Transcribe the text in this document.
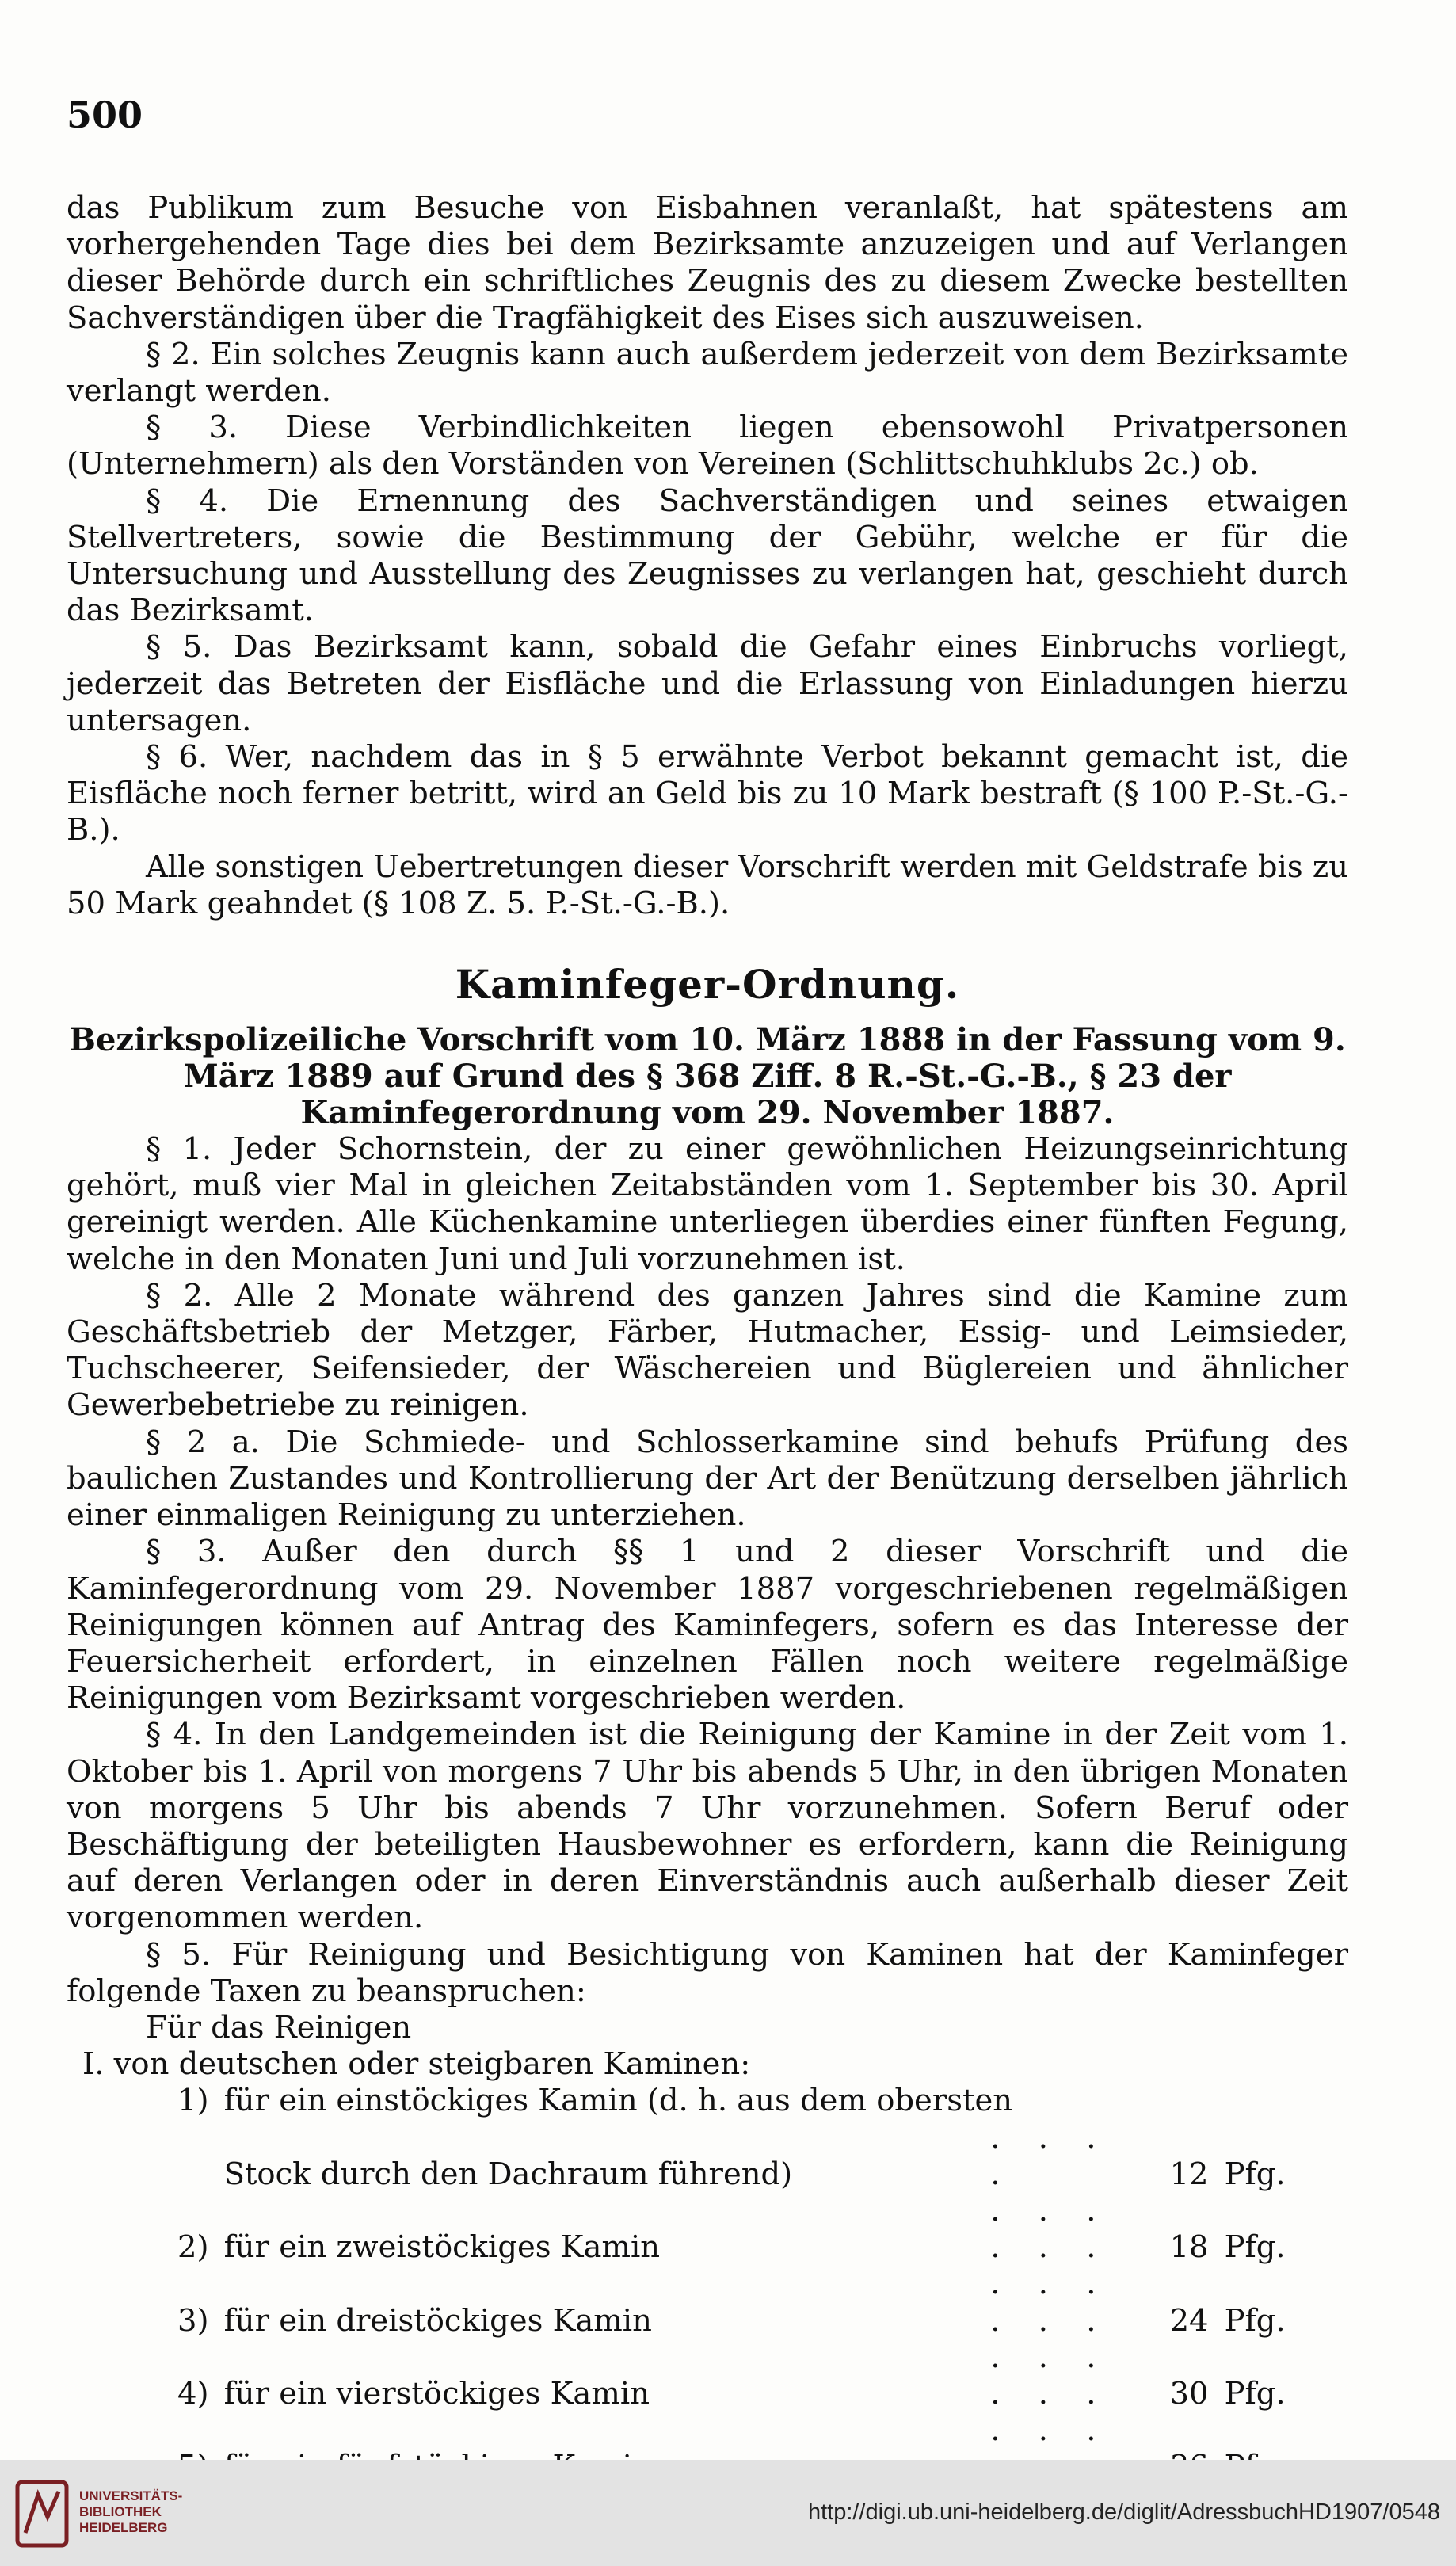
500

das Publikum zum Besuche von Eisbahnen veranlaßt, hat spätestens am vorhergehenden Tage dies bei dem Bezirksamte anzuzeigen und auf Verlangen dieser Behörde durch ein schriftliches Zeugnis des zu diesem Zwecke bestellten Sachverständigen über die Tragfähigkeit des Eises sich auszuweisen.

§ 2. Ein solches Zeugnis kann auch außerdem jederzeit von dem Bezirksamte verlangt werden.

§ 3. Diese Verbindlichkeiten liegen ebensowohl Privatpersonen (Unternehmern) als den Vorständen von Vereinen (Schlittschuhklubs 2c.) ob.

§ 4. Die Ernennung des Sachverständigen und seines etwaigen Stellvertreters, sowie die Bestimmung der Gebühr, welche er für die Untersuchung und Ausstellung des Zeugnisses zu verlangen hat, geschieht durch das Bezirksamt.

§ 5. Das Bezirksamt kann, sobald die Gefahr eines Einbruchs vorliegt, jederzeit das Betreten der Eisfläche und die Erlassung von Einladungen hierzu untersagen.

§ 6. Wer, nachdem das in § 5 erwähnte Verbot bekannt gemacht ist, die Eisfläche noch ferner betritt, wird an Geld bis zu 10 Mark bestraft (§ 100 P.-St.-G.-B.).

Alle sonstigen Uebertretungen dieser Vorschrift werden mit Geldstrafe bis zu 50 Mark geahndet (§ 108 Z. 5. P.-St.-G.-B.).

Kaminfeger-Ordnung.

Bezirkspolizeiliche Vorschrift vom 10. März 1888 in der Fassung vom 9. März 1889 auf Grund des § 368 Ziff. 8 R.-St.-G.-B., § 23 der Kaminfegerordnung vom 29. November 1887.

§ 1. Jeder Schornstein, der zu einer gewöhnlichen Heizungseinrichtung gehört, muß vier Mal in gleichen Zeitabständen vom 1. September bis 30. April gereinigt werden. Alle Küchenkamine unterliegen überdies einer fünften Fegung, welche in den Monaten Juni und Juli vorzunehmen ist.

§ 2. Alle 2 Monate während des ganzen Jahres sind die Kamine zum Geschäftsbetrieb der Metzger, Färber, Hutmacher, Essig- und Leimsieder, Tuchscheerer, Seifensieder, der Wäschereien und Büglereien und ähnlicher Gewerbebetriebe zu reinigen.

§ 2 a. Die Schmiede- und Schlosserkamine sind behufs Prüfung des baulichen Zustandes und Kontrollierung der Art der Benützung derselben jährlich einer einmaligen Reinigung zu unterziehen.

§ 3. Außer den durch §§ 1 und 2 dieser Vorschrift und die Kaminfegerordnung vom 29. November 1887 vorgeschriebenen regelmäßigen Reinigungen können auf Antrag des Kaminfegers, sofern es das Interesse der Feuersicherheit erfordert, in einzelnen Fällen noch weitere regelmäßige Reinigungen vom Bezirksamt vorgeschrieben werden.

§ 4. In den Landgemeinden ist die Reinigung der Kamine in der Zeit vom 1. Oktober bis 1. April von morgens 7 Uhr bis abends 5 Uhr, in den übrigen Monaten von morgens 5 Uhr bis abends 7 Uhr vorzunehmen. Sofern Beruf oder Beschäftigung der beteiligten Hausbewohner es erfordern, kann die Reinigung auf deren Verlangen oder in deren Einverständnis auch außerhalb dieser Zeit vorgenommen werden.

§ 5. Für Reinigung und Besichtigung von Kaminen hat der Kaminfeger folgende Taxen zu beanspruchen:

Für das Reinigen

I. von deutschen oder steigbaren Kaminen:

1)	für ein einstöckiges Kamin (d. h. aus dem obersten			
	Stock durch den Dachraum führend)	. . . .	12	Pfg.
2)	für ein zweistöckiges Kamin	. . . . . .	18	Pfg.
3)	für ein dreistöckiges Kamin	. . . . . .	24	Pfg.
4)	für ein vierstöckiges Kamin	. . . . . .	30	Pfg.
		. . .		
UNIVERSITÄTS-
BIBLIOTHEK
HEIDELBERG
http://digi.ub.uni-heidelberg.de/diglit/AdressbuchHD1907/0548
